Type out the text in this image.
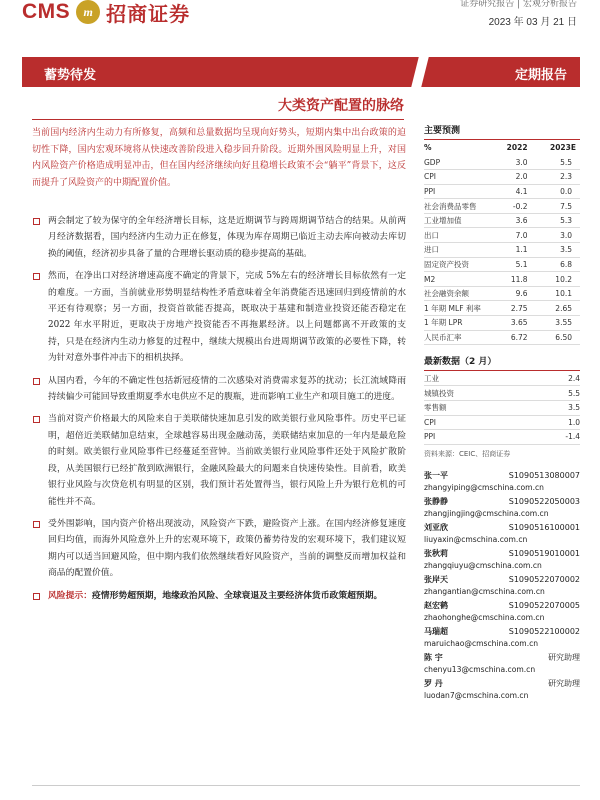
CMS	m 招商证券	证券研究报告 | 宏观分析报告
2023 年 03 月 21 日
蓄势待发	定期报告
大类资产配置的脉络
当前国内经济内生动力有所修复，高频和总量数据均呈现向好势头，短期内集中出台政策的迫切性下降，国内宏观环境将从快速改善阶段进入稳步回升阶段。近期外围风险明显上升，对国内风险资产价格造成明显冲击，但在国内经济继续向好且稳增长政策不会“躺平”背景下，这反而提升了风险资产的中期配置价值。
两会制定了较为保守的全年经济增长目标，这是近期调节与跨周期调节结合的结果。从前两月经济数据看，国内经济内生动力正在修复，体现为库存周期已临近主动去库向被动去库切换的阈值，经济初步具备了量的合理增长驱动质的稳步提高的基础。
然而，在净出口对经济增速高度不确定的背景下，完成 5%左右的经济增长目标依然有一定的难度。一方面，当前就业形势明显结构性矛盾意味着全年消费能否迅速回归到疫情前的水平还有待观察；另一方面，投资首欲能否提高，既取决于基建和制造业投资还能否稳定在 2022 年水平附近，更取决于房地产投资能否不再拖累经济。以上问题都离不开政策的支持，只是在经济内生动力修复的过程中，继续大规模出台进周期调节政策的必要性下降，转为针对意外事件冲击下的相机抉择。
从国内看，今年的不确定性包括新冠疫情的二次感染对消费需求复苏的扰动；长江流域降雨持续偏少可能回导致重期夏季水电供应不足的腹瓶，进而影响工业生产和项目施工的进度。
当前对资产价格最大的风险来自于美联储快速加息引发的欧美银行业风险事件。历史平已证明，超倍近美联储加息结束，全球越容易出现金融动荡，美联储结束加息的一年内是最危险的时刻。欧美银行业风险事件已经蔓延至营钟。当前欧美银行业风险事件还处于风险扩散阶段，从美国银行已经扩散到欧洲银行，金融风险最大的问题来自快速传染性。目前看，欧美银行业风险与次贷危机有明显的区别，我们预计若处置得当，银行风险上升为银行危机的可能性并不高。
受外围影响，国内资产价格出现波动，风险资产下跌，避险资产上涨。在国内经济修复速度回归均值，而海外风险意外上升的宏观环境下，政策仍蓄势待发的宏观环境下，我们建议短期内可以适当回避风险，但中期内我们依然继续看好风险资产，当前的调整反而增加权益和商品的配置价值。
风险提示：疫情形势超预期，地缘政治风险、全球衰退及主要经济体货币政策超预期。
主要预测
%	2022	2023E
GDP	3.0	5.5
CPI	2.0	2.3
PPI	4.1	0.0
社会消费品零售	-0.2	7.5
工业增加值	3.6	5.3
出口	7.0	3.0
进口	1.1	3.5
固定资产投资	5.1	6.8
M2	11.8	10.2
社会融资余额	9.6	10.1
1 年期 MLF 利率	2.75	2.65
1 年期 LPR	3.65	3.55
人民币汇率	6.72	6.50
最新数据（2 月）
工业	2.4
城镇投资	5.5
零售额	3.5
CPI	1.0
PPI	-1.4
资料来源：CEIC、招商证券
张一平	S1090513080007
zhangyiping@cmschina.com.cn
张静静	S1090522050003
zhangjingjing@cmschina.com.cn
刘亚欣	S1090516100001
liuyaxin@cmschina.com.cn
张秋莉	S1090519010001
zhangqiuyu@cmschina.com.cn
张岸天	S1090522070002
zhangantian@cmschina.com.cn
赵宏鹤	S1090522070005
zhaohonghe@cmschina.com.cn
马瑞超	S1090522100002
maruichao@cmschina.com.cn
陈 宇	研究助理
chenyu13@cmschina.com.cn
罗 丹	研究助理
luodan7@cmschina.com.cn
